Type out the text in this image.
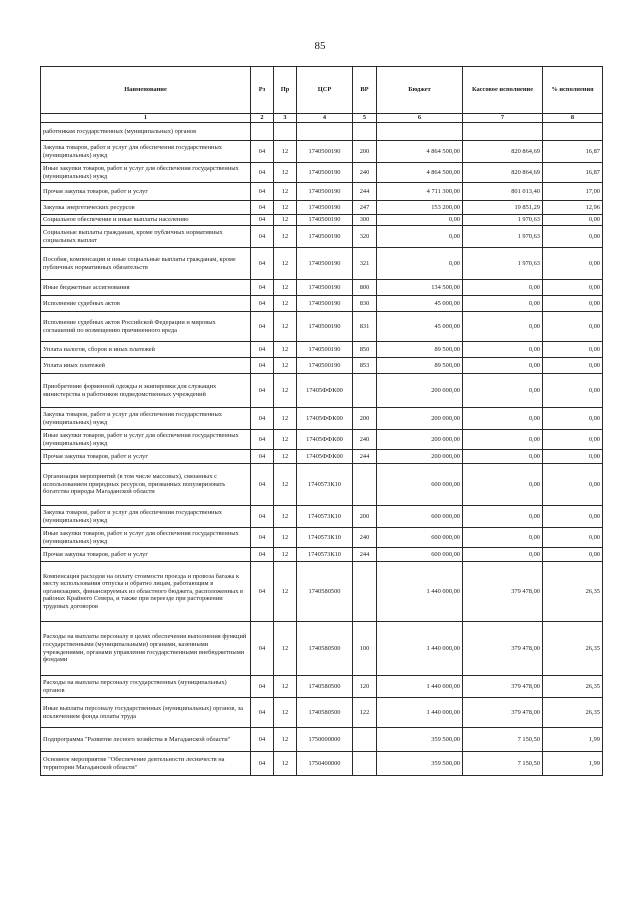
85
Наименование	Рз	Пр	ЦСР	ВР	Бюджет	Кассовое исполнение	% исполнения
1	2	3	4	5	6	7	8
работникам государственных (муниципальных) органов							
Закупка товаров, работ и услуг для обеспечения государственных (муниципальных) нужд	04	12	1740500190	200	4 864 500,00	820 864,69	16,87
Иные закупки товаров, работ и услуг для обеспечения государственных (муниципальных) нужд	04	12	1740500190	240	4 864 500,00	820 864,69	16,87
Прочая закупка товаров, работ и услуг	04	12	1740500190	244	4 711 300,00	801 013,40	17,00
Закупка энергетических ресурсов	04	12	1740500190	247	153 200,00	19 851,29	12,96
Социальное обеспечение и иные выплаты населению	04	12	1740500190	300	0,00	1 970,63	0,00
Социальные выплаты гражданам, кроме публичных нормативных социальных выплат	04	12	1740500190	320	0,00	1 970,63	0,00
Пособия, компенсации и иные социальные выплаты гражданам, кроме публичных нормативных обязательств	04	12	1740500190	321	0,00	1 970,63	0,00
Иные бюджетные ассигнования	04	12	1740500190	800	134 500,00	0,00	0,00
Исполнение судебных актов	04	12	1740500190	830	45 000,00	0,00	0,00
Исполнение судебных актов Российской Федерации и мировых соглашений по возмещению причиненного вреда	04	12	1740500190	831	45 000,00	0,00	0,00
Уплата налогов, сборов и иных платежей	04	12	1740500190	850	89 500,00	0,00	0,00
Уплата иных платежей	04	12	1740500190	853	89 500,00	0,00	0,00
Приобретение форменной одежды и экипировки для служащих министерства и работников подведомственных учреждений	04	12	17405ФФК00		200 000,00	0,00	0,00
Закупка товаров, работ и услуг для обеспечения государственных (муниципальных) нужд	04	12	17405ФФК00	200	200 000,00	0,00	0,00
Иные закупки товаров, работ и услуг для обеспечения государственных (муниципальных) нужд	04	12	17405ФФК00	240	200 000,00	0,00	0,00
Прочая закупка товаров, работ и услуг	04	12	17405ФФК00	244	200 000,00	0,00	0,00
Организация мероприятий (в том числе массовых), связанных с использованием природных ресурсов, призванных популяризовать богатства природы Магаданской области	04	12	1740573К10		600 000,00	0,00	0,00
Закупка товаров, работ и услуг для обеспечения государственных (муниципальных) нужд	04	12	1740573К10	200	600 000,00	0,00	0,00
Иные закупки товаров, работ и услуг для обеспечения государственных (муниципальных) нужд	04	12	1740573К10	240	600 000,00	0,00	0,00
Прочая закупка товаров, работ и услуг	04	12	1740573К10	244	600 000,00	0,00	0,00
Компенсация расходов на оплату стоимости проезда и провоза багажа к месту использования отпуска и обратно лицам, работающим в организациях, финансируемых из областного бюджета, расположенных в районах Крайнего Севера, и также при переезде при расторжении трудовых договоров	04	12	1740580500		1 440 000,00	379 478,00	26,35
Расходы на выплаты персоналу в целях обеспечения выполнения функций государственными (муниципальными) органами, казенными учреждениями, органами управления государственными внебюджетными фондами	04	12	1740580500	100	1 440 000,00	379 478,00	26,35
Расходы на выплаты персоналу государственных (муниципальных) органов	04	12	1740580500	120	1 440 000,00	379 478,00	26,35
Иные выплаты персоналу государственных (муниципальных) органов, за исключением фонда оплаты труда	04	12	1740580500	122	1 440 000,00	379 478,00	26,35
Подпрограмма "Развитие лесного хозяйства в Магаданской области"	04	12	1750000000		359 500,00	7 150,50	1,99
Основное мероприятие "Обеспечение деятельности лесничеств на территории Магаданской области"	04	12	1750400000		359 500,00	7 150,50	1,99
